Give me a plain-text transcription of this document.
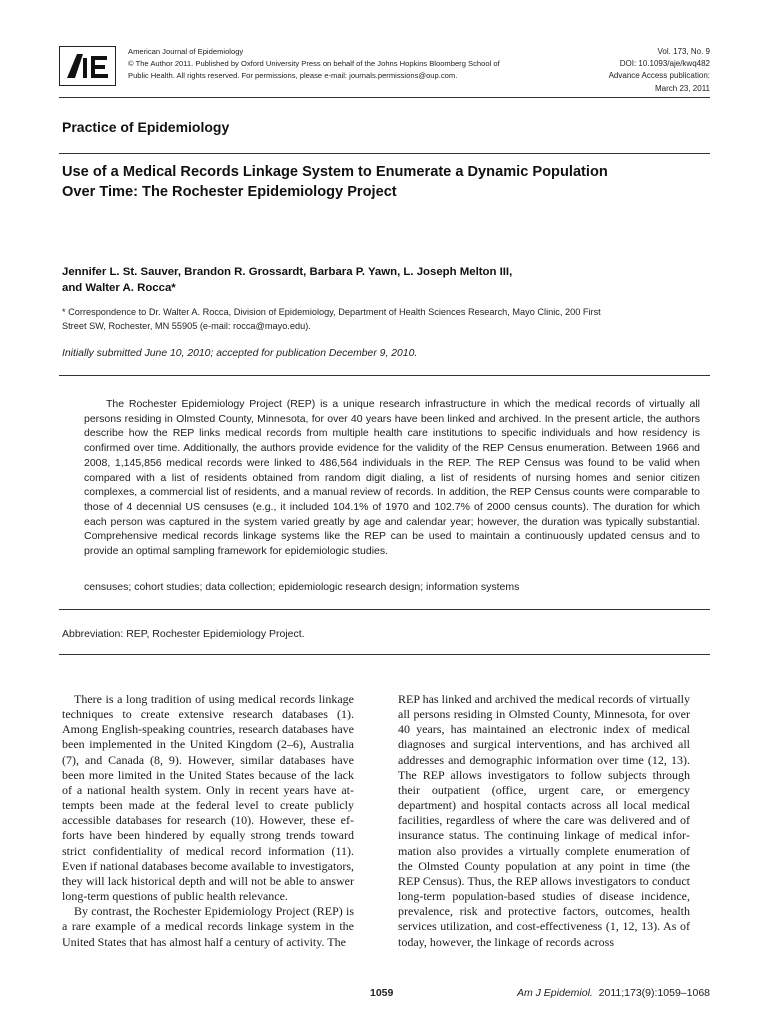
AJE
American Journal of Epidemiology
© The Author 2011. Published by Oxford University Press on behalf of the Johns Hopkins Bloomberg School of
Public Health. All rights reserved. For permissions, please e-mail: journals.permissions@oup.com.
Vol. 173, No. 9
DOI: 10.1093/aje/kwq482
Advance Access publication:
March 23, 2011
Practice of Epidemiology
Use of a Medical Records Linkage System to Enumerate a Dynamic Population
Over Time: The Rochester Epidemiology Project
Jennifer L. St. Sauver, Brandon R. Grossardt, Barbara P. Yawn, L. Joseph Melton III,
and Walter A. Rocca*
* Correspondence to Dr. Walter A. Rocca, Division of Epidemiology, Department of Health Sciences Research, Mayo Clinic, 200 First
Street SW, Rochester, MN 55905 (e-mail: rocca@mayo.edu).
Initially submitted June 10, 2010; accepted for publication December 9, 2010.

The Rochester Epidemiology Project (REP) is a unique research infrastructure in which the medical records of virtually all persons residing in Olmsted County, Minnesota, for over 40 years have been linked and archived. In the present article, the authors describe how the REP links medical records from multiple health care institutions to specific individuals and how residency is confirmed over time. Additionally, the authors provide evidence for the validity of the REP Census enumeration. Between 1966 and 2008, 1,145,856 medical records were linked to 486,564 individuals in the REP. The REP Census was found to be valid when compared with a list of residents obtained from random digit dialing, a list of residents of nursing homes and senior citizen complexes, a commercial list of residents, and a manual review of records. In addition, the REP Census counts were comparable to those of 4 decennial US censuses (e.g., it included 104.1% of 1970 and 102.7% of 2000 census counts). The duration for which each person was captured in the system varied greatly by age and calendar year; however, the duration was typically substantial. Comprehensive medical records linkage systems like the REP can be used to maintain a continuously updated census and to provide an optimal sampling framework for epidemiologic studies.

censuses; cohort studies; data collection; epidemiologic research design; information systems
Abbreviation: REP, Rochester Epidemiology Project.

There is a long tradition of using medical records linkage techniques to create extensive research databases (1). Among English-speaking countries, research databases have been implemented in the United Kingdom (2–6), Australia (7), and Canada (8, 9). However, similar databases have been more limited in the United States because of the lack of a national health system. Only in recent years have attempts been made at the federal level to create publicly accessible databases for research (10). However, these efforts have been hindered by equally strong trends toward strict confidentiality of medical record information (11). Even if national databases become available to investigators, they will lack historical depth and will not be able to answer long-term questions of public health relevance.

By contrast, the Rochester Epidemiology Project (REP) is a rare example of a medical records linkage system in the United States that has almost half a century of activity. The

REP has linked and archived the medical records of virtually all persons residing in Olmsted County, Minnesota, for over 40 years, has maintained an electronic index of medical diagnoses and surgical interventions, and has archived all addresses and demographic information over time (12, 13). The REP allows investigators to follow subjects through their outpatient (office, urgent care, or emergency department) and hospital contacts across all local medical facilities, regardless of where the care was delivered and of insurance status. The continuing linkage of medical information also provides a virtually complete enumeration of the Olmsted County population at any point in time (the REP Census). Thus, the REP allows investigators to conduct long-term population-based studies of disease incidence, prevalence, risk and protective factors, outcomes, health services utilization, and cost-effectiveness (1, 12, 13). As of today, however, the linkage of records across

1059	Am J Epidemiol. 2011;173(9):1059–1068
